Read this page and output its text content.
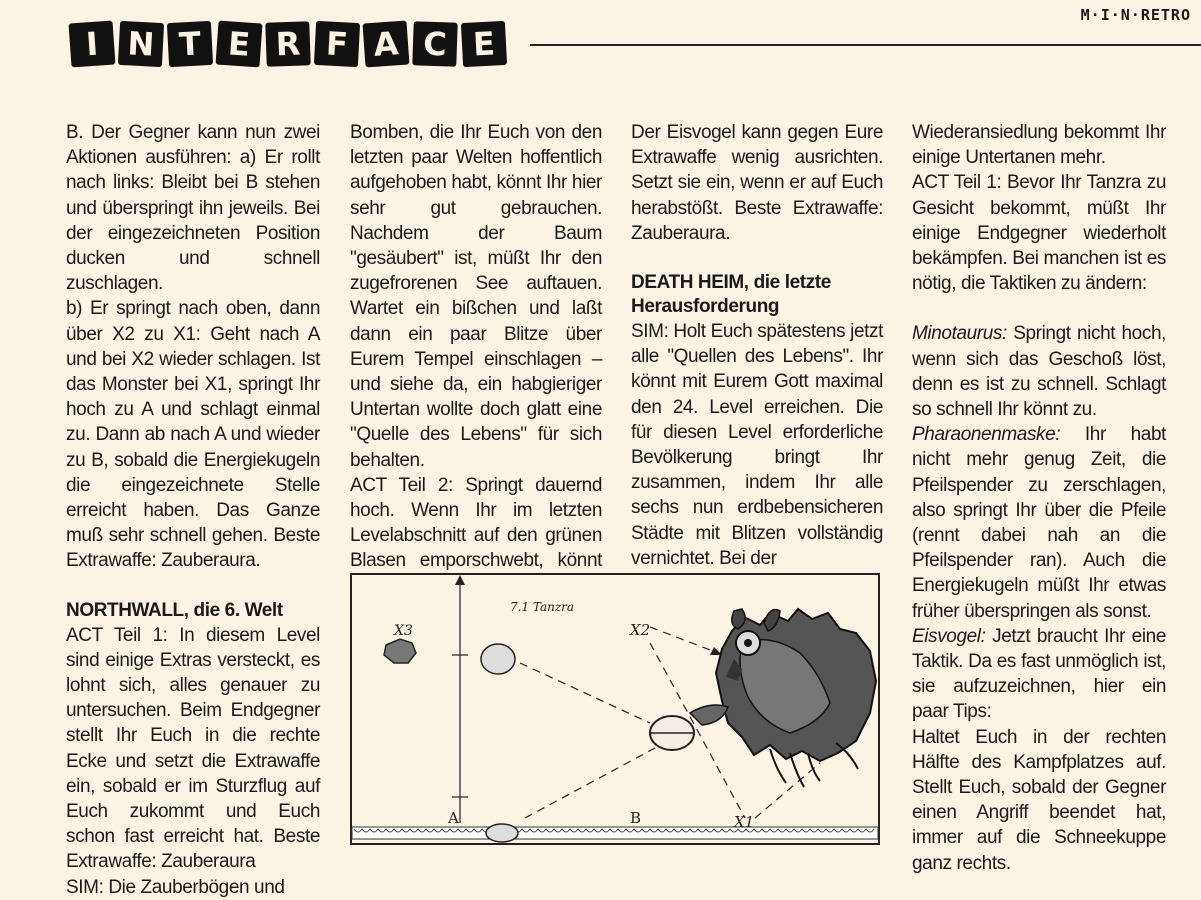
I N T E R F A C E
M·I·N·RETRO

B. Der Gegner kann nun zwei Aktionen ausführen: a) Er rollt nach links: Bleibt bei B stehen und überspringt ihn jeweils. Bei der eingezeichneten Position ducken und schnell zuschlagen.

b) Er springt nach oben, dann über X2 zu X1: Geht nach A und bei X2 wieder schlagen. Ist das Monster bei X1, springt Ihr hoch zu A und schlagt einmal zu. Dann ab nach A und wieder zu B, sobald die Energiekugeln die eingezeichnete Stelle erreicht haben. Das Ganze muß sehr schnell gehen. Beste Extrawaffe: Zauberaura.

NORTHWALL, die 6. Welt

ACT Teil 1: In diesem Level sind einige Extras versteckt, es lohnt sich, alles genauer zu untersuchen. Beim Endgegner stellt Ihr Euch in die rechte Ecke und setzt die Extrawaffe ein, sobald er im Sturzflug auf Euch zukommt und Euch schon fast erreicht hat. Beste Extrawaffe: Zauberaura

SIM: Die Zauberbögen und

Bomben, die Ihr Euch von den letzten paar Welten hoffentlich aufgehoben habt, könnt Ihr hier sehr gut gebrauchen. Nachdem der Baum "gesäubert" ist, müßt Ihr den zugefrorenen See auftauen. Wartet ein bißchen und laßt dann ein paar Blitze über Eurem Tempel einschlagen – und siehe da, ein habgieriger Untertan wollte doch glatt eine "Quelle des Lebens" für sich behalten.

ACT Teil 2: Springt dauernd hoch. Wenn Ihr im letzten Levelabschnitt auf den grünen Blasen emporschwebt, könnt

Der Eisvogel kann gegen Eure Extrawaffe wenig ausrichten. Setzt sie ein, wenn er auf Euch herabstößt. Beste Extrawaffe: Zauberaura.

DEATH HEIM, die letzte Herausforderung

SIM: Holt Euch spätestens jetzt alle "Quellen des Lebens". Ihr könnt mit Eurem Gott maximal den 24. Level erreichen. Die für diesen Level erforderliche Bevölkerung bringt Ihr zusammen, indem Ihr alle sechs nun erdbebensicheren Städte mit Blitzen vollständig vernichtet. Bei der

Wiederansiedlung bekommt Ihr einige Untertanen mehr.

ACT Teil 1: Bevor Ihr Tanzra zu Gesicht bekommt, müßt Ihr einige Endgegner wiederholt bekämpfen. Bei manchen ist es nötig, die Taktiken zu ändern:

Minotaurus: Springt nicht hoch, wenn sich das Geschoß löst, denn es ist zu schnell. Schlagt so schnell Ihr könnt zu.

Pharaonenmaske: Ihr habt nicht mehr genug Zeit, die Pfeilspender zu zerschlagen, also springt Ihr über die Pfeile (rennt dabei nah an die Pfeilspender ran). Auch die Energiekugeln müßt Ihr etwas früher überspringen als sonst.

Eisvogel: Jetzt braucht Ihr eine Taktik. Da es fast unmöglich ist, sie aufzuzeichnen, hier ein paar Tips:

Haltet Euch in der rechten Hälfte des Kampfplatzes auf. Stellt Euch, sobald der Gegner einen Angriff beendet hat, immer auf die Schneekuppe ganz rechts.

7.1 Tanzra
X3	X2
X1
A	B
